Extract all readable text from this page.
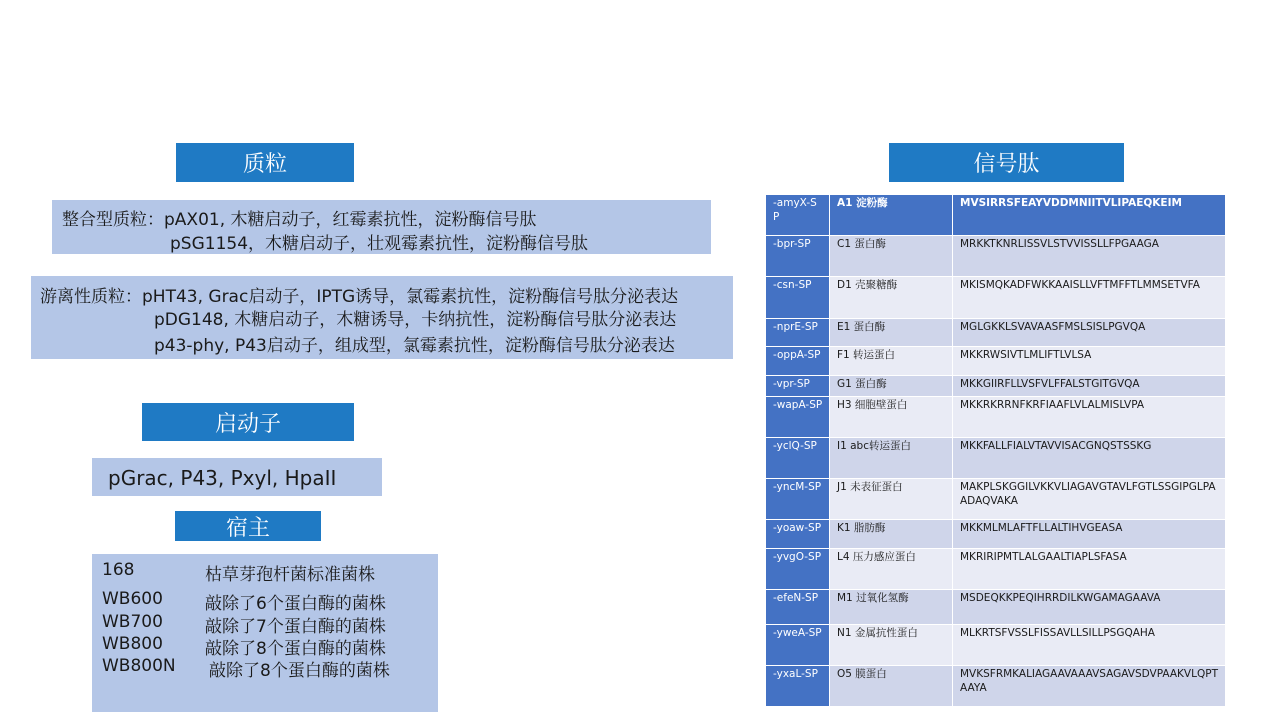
质粒
整合型质粒：pAX01, 木糖启动子，红霉素抗性，淀粉酶信号肽
pSG1154，木糖启动子，壮观霉素抗性，淀粉酶信号肽
游离性质粒：pHT43, Grac启动子，IPTG诱导，氯霉素抗性，淀粉酶信号肽分泌表达
pDG148, 木糖启动子，木糖诱导，卡纳抗性，淀粉酶信号肽分泌表达
p43-phy, P43启动子，组成型，氯霉素抗性，淀粉酶信号肽分泌表达
启动子
pGrac, P43, Pxyl, HpaII
宿主
168	枯草芽孢杆菌标准菌株
WB600 敲除了6个蛋白酶的菌株
WB700 敲除了7个蛋白酶的菌株
WB800 敲除了8个蛋白酶的菌株
WB800N 敲除了8个蛋白酶的菌株
信号肽
-amyX-SP	A1 淀粉酶	MVSIRRSFEAYVDDMNIITVLIPAEQKEIM
-bpr-SP	C1 蛋白酶	MRKKTKNRLISSVLSTVVISSLLFPGAAGA
-csn-SP	D1 壳聚糖酶	MKISMQKADFWKKAAISLLVFTMFFTLMMSETVFA
-nprE-SP	E1 蛋白酶	MGLGKKLSVAVAASFMSLSISLPGVQA
-oppA-SP	F1 转运蛋白	MKKRWSIVTLMLIFTLVLSA
-vpr-SP	G1 蛋白酶	MKKGIIRFLLVSFVLFFALSTGITGVQA
-wapA-SP	H3 细胞壁蛋白	MKKRKRRNFKRFIAAFLVLALMISLVPA
-yclQ-SP	I1 abc转运蛋白	MKKFALLFIALVTAVVISACGNQSTSSKG
-yncM-SP	J1 未表征蛋白	MAKPLSKGGILVKKVLIAGAVGTAVLFGTLSSGIPGLPAADAQVAKA
-yoaw-SP	K1 脂肪酶	MKKMLMLAFTFLLALTIHVGEASA
-yvgO-SP	L4 压力感应蛋白	MKRIRIPMTLALGAALTIAPLSFASA
-efeN-SP	M1 过氧化氢酶	MSDEQKKPEQIHRRDILKWGAMAGAAVA
-yweA-SP	N1 金属抗性蛋白	MLKRTSFVSSLFISSAVLLSILLPSGQAHA
-yxaL-SP	O5 膜蛋白	MVKSFRMKALIAGAAVAAAVSAGAVSDVPAAKVLQPTAAYA
